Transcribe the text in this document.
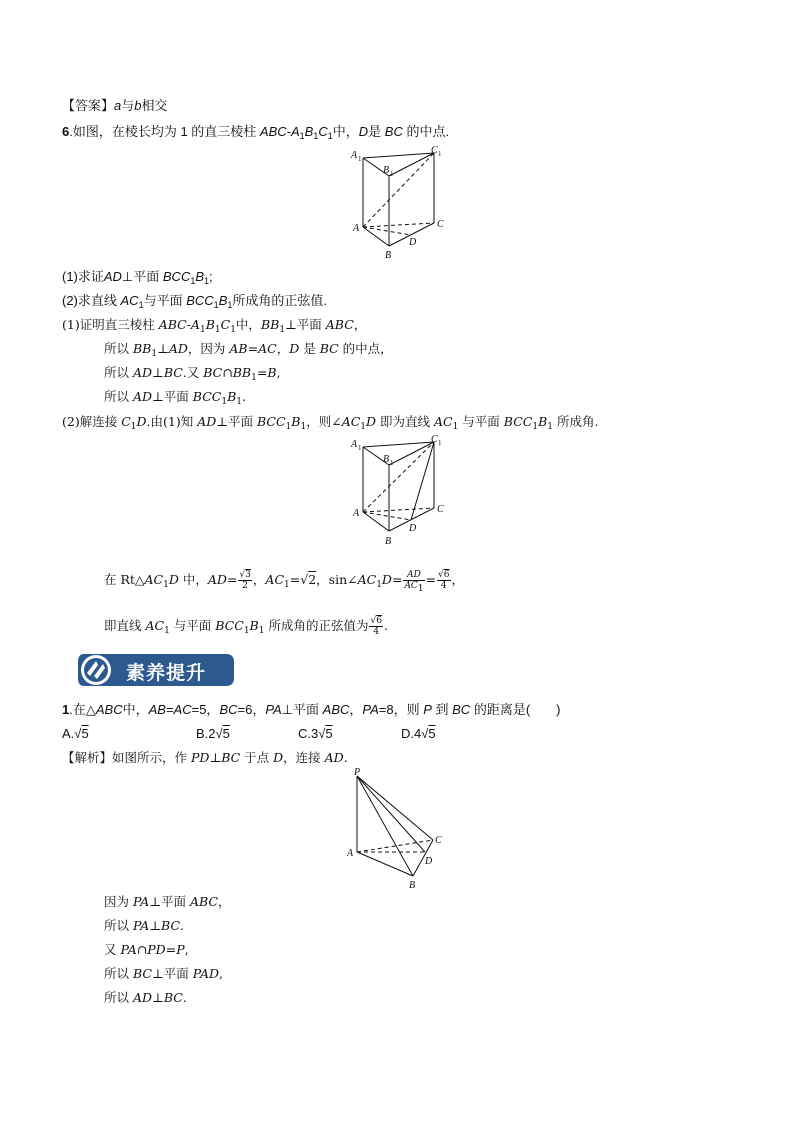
【答案】a与b相交
6.如图，在棱长均为 1 的直三棱柱 ABC-$A_1B_1C_1$中，D是 BC 的中点.
A 1
B 1
C 1
A	C
B
D
(1)求证AD⊥平面 $BCC_1B_1$;
(2)求直线 $AC_1$与平面 $BCC_1B_1$所成角的正弦值.
(1)证明直三棱柱 ABC-$A_1B_1C_1$中，$BB_1\perp$平面 ABC，
所以 $BB_1\perp AD$，因为 AB=AC，D 是 BC 的中点，
所以 AD⊥BC.又 $BC\cap BB_1=B$,
所以 AD⊥平面 $BCC_1B_1$.
(2)解连接 $C_1D$.由(1)知 AD⊥平面 $BCC_1B_1$，则$\angle AC_1D$ 即为直线 $AC_1$ 与平面 $BCC_1B_1$ 所成角.
A 1
B 1
C 1
A	C
B
D
在 $Rt\triangle AC_1D$ 中，$AD= \frac{√3}{2}$ ，$AC_1=√2$，$\sin\angle AC_1D= \frac{AD}{AC_1} = \frac{√6}{4}$ ，
即直线 $AC_1$ 与平面 $BCC_1B_1$ 所成角的正弦值为 $\frac{√6}{4}$ .
素养提升
1.在△ABC中，AB=AC=5，BC=6，PA⊥平面 ABC，PA=8，则 P 到 BC 的距离是(　　)
A.√5	B.2√5	C.3√5	D.4√5
【解析】如图所示，作 PD⊥BC 于点 D，连接 AD.
P
A
C
D
B
因为 PA⊥平面 ABC，
所以 PA⊥BC.
又 PA∩PD=P,
所以 BC⊥平面 PAD,
所以 AD⊥BC.
